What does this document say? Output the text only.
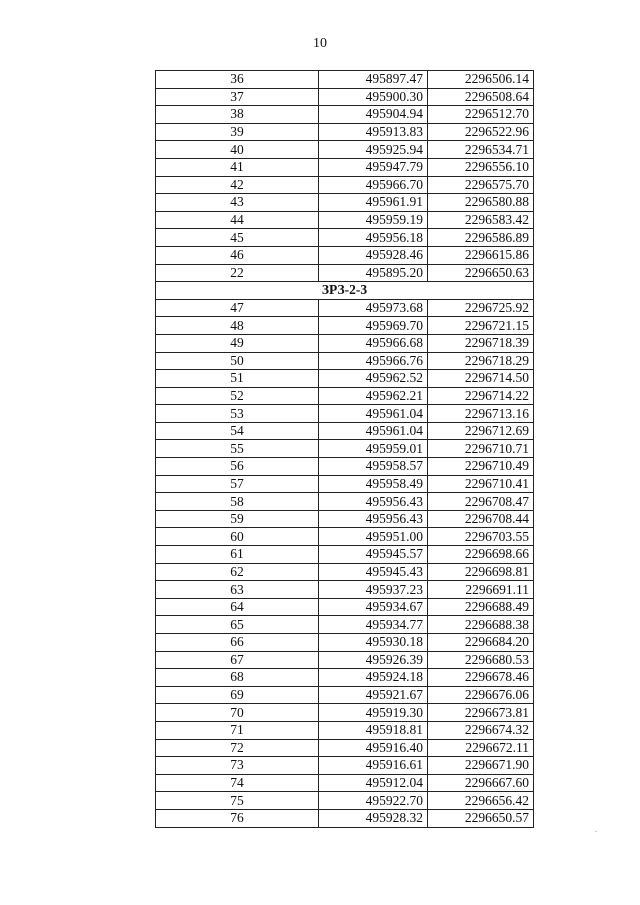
10
36	495897.47	2296506.14
37	495900.30	2296508.64
38	495904.94	2296512.70
39	495913.83	2296522.96
40	495925.94	2296534.71
41	495947.79	2296556.10
42	495966.70	2296575.70
43	495961.91	2296580.88
44	495959.19	2296583.42
45	495956.18	2296586.89
46	495928.46	2296615.86
22	495895.20	2296650.63
ЗРЗ-2-3		
47	495973.68	2296725.92
48	495969.70	2296721.15
49	495966.68	2296718.39
50	495966.76	2296718.29
51	495962.52	2296714.50
52	495962.21	2296714.22
53	495961.04	2296713.16
54	495961.04	2296712.69
55	495959.01	2296710.71
56	495958.57	2296710.49
57	495958.49	2296710.41
58	495956.43	2296708.47
59	495956.43	2296708.44
60	495951.00	2296703.55
61	495945.57	2296698.66
62	495945.43	2296698.81
63	495937.23	2296691.11
64	495934.67	2296688.49
65	495934.77	2296688.38
66	495930.18	2296684.20
67	495926.39	2296680.53
68	495924.18	2296678.46
69	495921.67	2296676.06
70	495919.30	2296673.81
71	495918.81	2296674.32
72	495916.40	2296672.11
73	495916.61	2296671.90
74	495912.04	2296667.60
75	495922.70	2296656.42
76	495928.32	2296650.57
.
